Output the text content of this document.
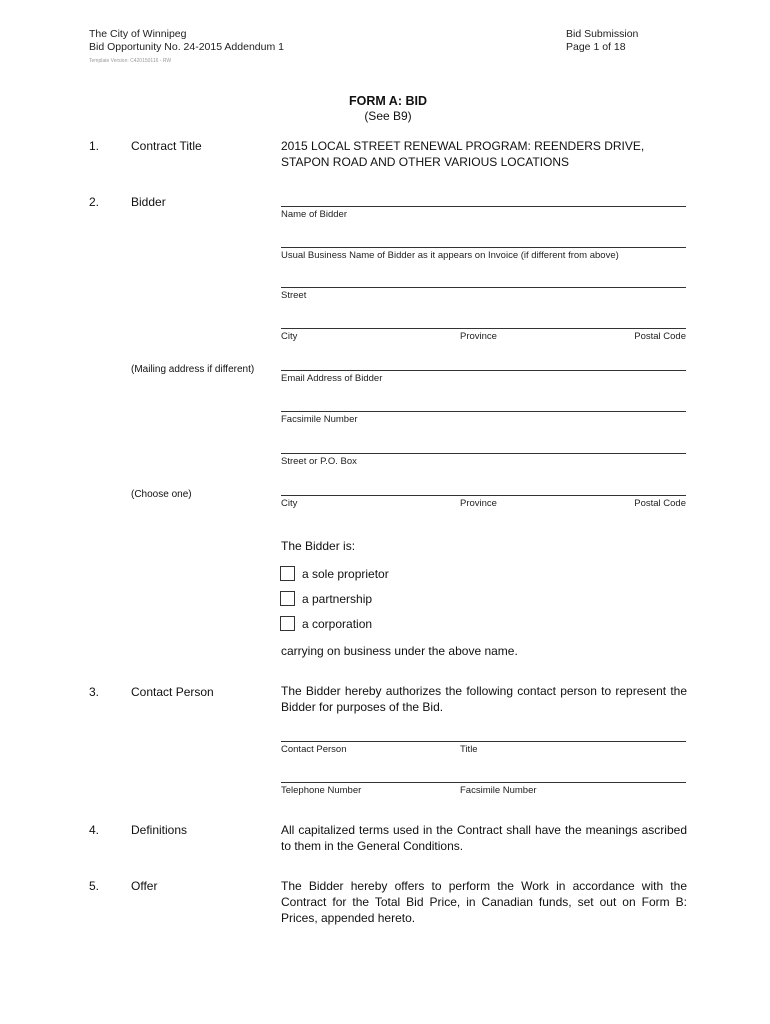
The City of Winnipeg
Bid Opportunity No. 24-2015 Addendum 1
Template Version: C420150116 - RW
Bid Submission
Page 1 of 18
FORM A: BID
(See B9)
1.	Contract Title	2015 LOCAL STREET RENEWAL PROGRAM: REENDERS DRIVE,
STAPON ROAD AND OTHER VARIOUS LOCATIONS
2.	Bidder
Name of Bidder
Usual Business Name of Bidder as it appears on Invoice (if different from above)
Street
City	Province	Postal Code
(Mailing address if different)
Email Address of Bidder
Facsimile Number
Street or P.O. Box
(Choose one)
City	Province	Postal Code
The Bidder is:
a sole proprietor
a partnership
a corporation
carrying on business under the above name.
3.	Contact Person	The Bidder hereby authorizes the following contact person to represent the Bidder for purposes of the Bid.
Contact Person	Title
Telephone Number	Facsimile Number
4.	Definitions	All capitalized terms used in the Contract shall have the meanings ascribed to them in the General Conditions.
5.	Offer	The Bidder hereby offers to perform the Work in accordance with the Contract for the Total Bid Price, in Canadian funds, set out on Form B: Prices, appended hereto.
